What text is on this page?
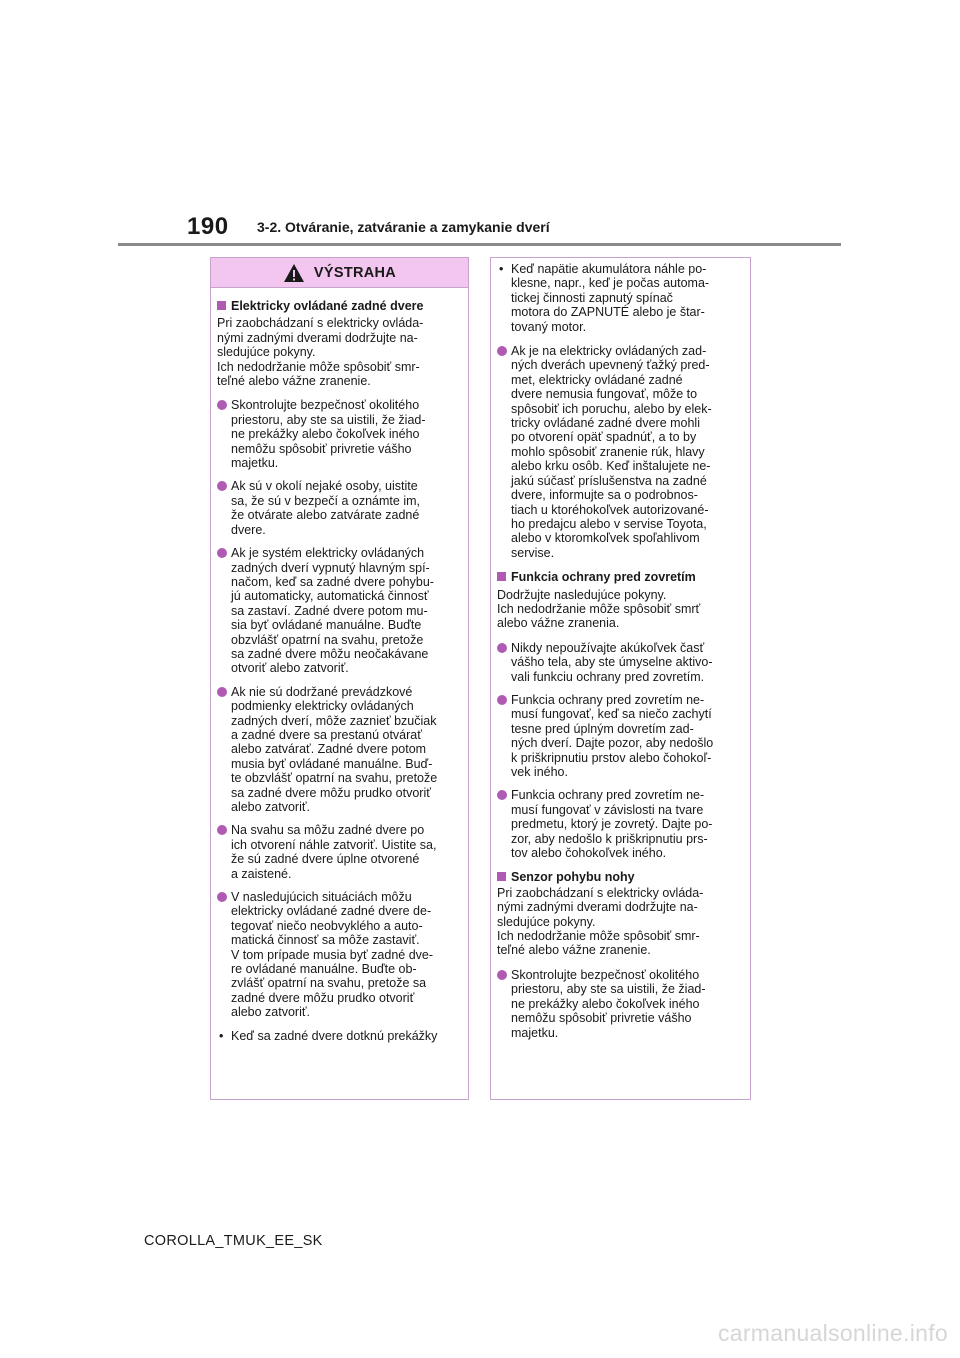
190 3-2. Otváranie, zatváranie a zamykanie dverí
VÝSTRAHA
Elektricky ovládané zadné dvere

Pri zaobchádzaní s elektricky ovláda-

nými zadnými dverami dodržujte na-

sledujúce pokyny.

Ich nedodržanie môže spôsobiť smr-

teľné alebo vážne zranenie.

Skontrolujte bezpečnosť okolitého
priestoru, aby ste sa uistili, že žiad-
ne prekážky alebo čokoľvek iného
nemôžu spôsobiť privretie vášho
majetku.
Ak sú v okolí nejaké osoby, uistite
sa, že sú v bezpečí a oznámte im,
že otvárate alebo zatvárate zadné
dvere.
Ak je systém elektricky ovládaných
zadných dverí vypnutý hlavným spí-
načom, keď sa zadné dvere pohybu-
jú automaticky, automatická činnosť
sa zastaví. Zadné dvere potom mu-
sia byť ovládané manuálne. Buďte
obzvlášť opatrní na svahu, pretože
sa zadné dvere môžu neočakávane
otvoriť alebo zatvoriť.
Ak nie sú dodržané prevádzkové
podmienky elektricky ovládaných
zadných dverí, môže zaznieť bzučiak
a zadné dvere sa prestanú otvárať
alebo zatvárať. Zadné dvere potom
musia byť ovládané manuálne. Buď-
te obzvlášť opatrní na svahu, pretože
sa zadné dvere môžu prudko otvoriť
alebo zatvoriť.
Na svahu sa môžu zadné dvere po
ich otvorení náhle zatvoriť. Uistite sa,
že sú zadné dvere úplne otvorené
a zaistené.
V nasledujúcich situáciách môžu
elektricky ovládané zadné dvere de-
tegovať niečo neobvyklého a auto-
matická činnosť sa môže zastaviť.
V tom prípade musia byť zadné dve-
re ovládané manuálne. Buďte ob-
zvlášť opatrní na svahu, pretože sa
zadné dvere môžu prudko otvoriť
alebo zatvoriť.
• Keď sa zadné dvere dotknú prekážky
• Keď napätie akumulátora náhle po-
klesne, napr., keď je počas automa-
tickej činnosti zapnutý spínač
motora do ZAPNUTÉ alebo je štar-
tovaný motor.
Ak je na elektricky ovládaných zad-
ných dverách upevnený ťažký pred-
met, elektricky ovládané zadné
dvere nemusia fungovať, môže to
spôsobiť ich poruchu, alebo by elek-
tricky ovládané zadné dvere mohli
po otvorení opäť spadnúť, a to by
mohlo spôsobiť zranenie rúk, hlavy
alebo krku osôb. Keď inštalujete ne-
jakú súčasť príslušenstva na zadné
dvere, informujte sa o podrobnos-
tiach u ktoréhokoľvek autorizované-
ho predajcu alebo v servise Toyota,
alebo v ktoromkoľvek spoľahlivom
servise.
Funkcia ochrany pred zovretím

Dodržujte nasledujúce pokyny.

Ich nedodržanie môže spôsobiť smrť

alebo vážne zranenia.

Nikdy nepoužívajte akúkoľvek časť
vášho tela, aby ste úmyselne aktivo-
vali funkciu ochrany pred zovretím.
Funkcia ochrany pred zovretím ne-
musí fungovať, keď sa niečo zachytí
tesne pred úplným dovretím zad-
ných dverí. Dajte pozor, aby nedošlo
k priškripnutiu prstov alebo čohokoľ-
vek iného.
Funkcia ochrany pred zovretím ne-
musí fungovať v závislosti na tvare
predmetu, ktorý je zovretý. Dajte po-
zor, aby nedošlo k priškripnutiu prs-
tov alebo čohokoľvek iného.
Senzor pohybu nohy

Pri zaobchádzaní s elektricky ovláda-

nými zadnými dverami dodržujte na-

sledujúce pokyny.

Ich nedodržanie môže spôsobiť smr-

teľné alebo vážne zranenie.

Skontrolujte bezpečnosť okolitého
priestoru, aby ste sa uistili, že žiad-
ne prekážky alebo čokoľvek iného
nemôžu spôsobiť privretie vášho
majetku.
COROLLA_TMUK_EE_SK
carmanualsonline.info
